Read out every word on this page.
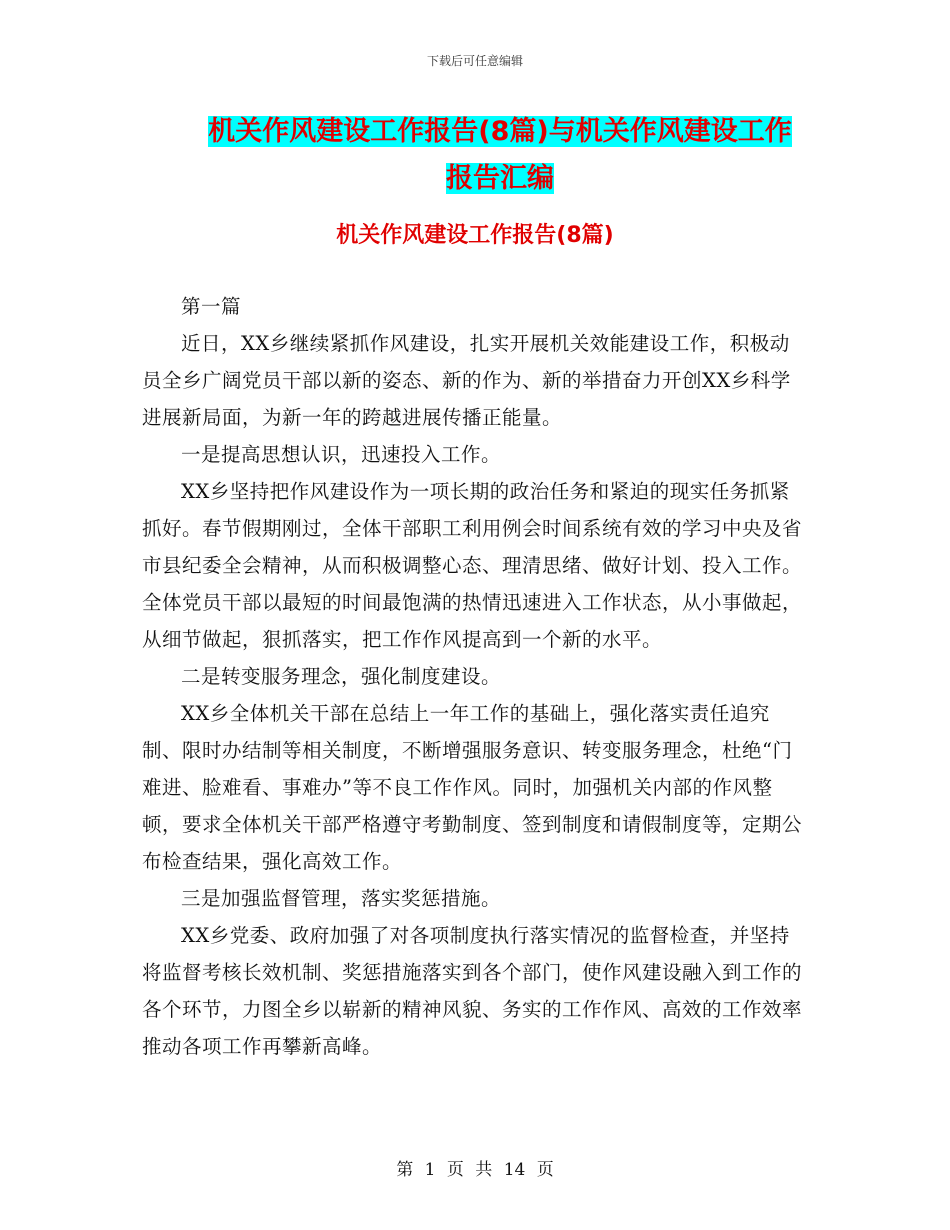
下载后可任意编辑
机关作风建设工作报告(8篇)与机关作风建设工作报告汇编
机关作风建设工作报告(8篇)

第一篇

近日，XX乡继续紧抓作风建设，扎实开展机关效能建设工作，积极动员全乡广阔党员干部以新的姿态、新的作为、新的举措奋力开创XX乡科学进展新局面，为新一年的跨越进展传播正能量。

一是提高思想认识，迅速投入工作。

XX乡坚持把作风建设作为一项长期的政治任务和紧迫的现实任务抓紧抓好。春节假期刚过，全体干部职工利用例会时间系统有效的学习中央及省市县纪委全会精神，从而积极调整心态、理清思绪、做好计划、投入工作。全体党员干部以最短的时间最饱满的热情迅速进入工作状态，从小事做起，从细节做起，狠抓落实，把工作作风提高到一个新的水平。

二是转变服务理念，强化制度建设。

XX乡全体机关干部在总结上一年工作的基础上，强化落实责任追究制、限时办结制等相关制度，不断增强服务意识、转变服务理念，杜绝“门难进、脸难看、事难办”等不良工作作风。同时，加强机关内部的作风整顿，要求全体机关干部严格遵守考勤制度、签到制度和请假制度等，定期公布检查结果，强化高效工作。

三是加强监督管理，落实奖惩措施。

XX乡党委、政府加强了对各项制度执行落实情况的监督检查，并坚持将监督考核长效机制、奖惩措施落实到各个部门，使作风建设融入到工作的各个环节，力图全乡以崭新的精神风貌、务实的工作作风、高效的工作效率推动各项工作再攀新高峰。

第 1 页 共 14 页
